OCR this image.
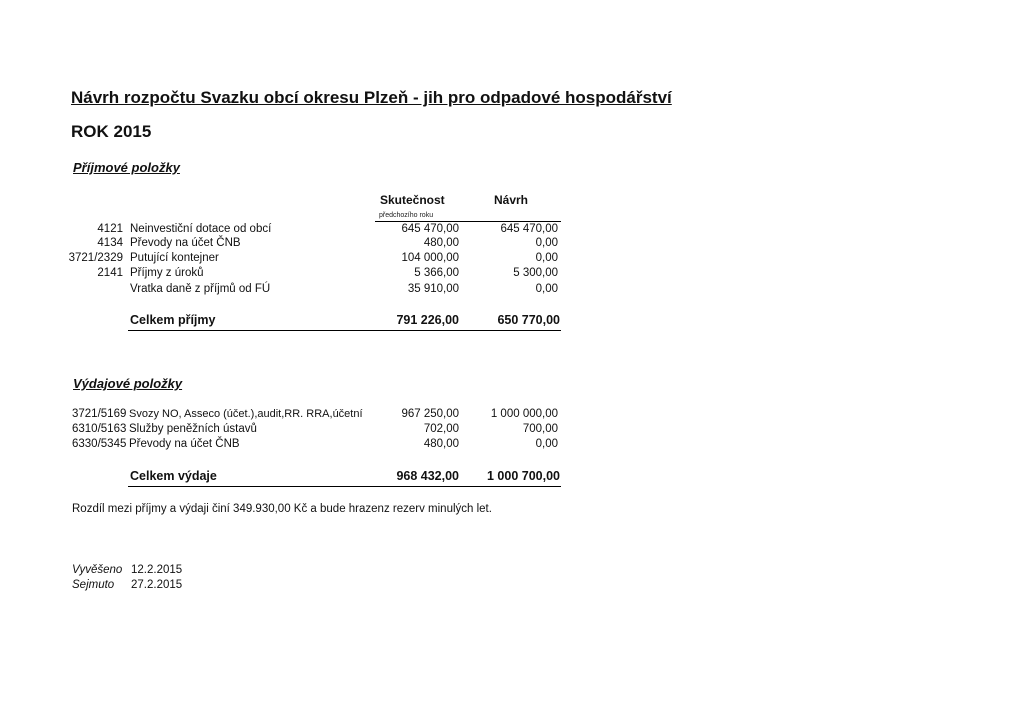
Návrh rozpočtu Svazku obcí okresu Plzeň - jih pro odpadové hospodářství
ROK 2015
Příjmové položky
Skutečnost	Návrh
předchozího roku
4121 Neinvestiční dotace od obcí	645 470,00	645 470,00
4134 Převody na účet ČNB	480,00	0,00
3721/2329 Putující kontejner	104 000,00	0,00
2141 Příjmy z úroků	5 366,00	5 300,00
Vratka daně z příjmů od FÚ	35 910,00	0,00
Celkem příjmy	791 226,00	650 770,00
Výdajové položky
3721/5169 Svozy NO, Asseco (účet.),audit,RR. RRA,účetní	967 250,00	1 000 000,00
6310/5163 Služby peněžních ústavů	702,00	700,00
6330/5345 Převody na účet ČNB	480,00	0,00
Celkem výdaje	968 432,00	1 000 700,00
Rozdíl mezi příjmy a výdaji činí 349.930,00 Kč a bude hrazenz rezerv minulých let.
Vyvěšeno 12.2.2015
Sejmuto 27.2.2015
